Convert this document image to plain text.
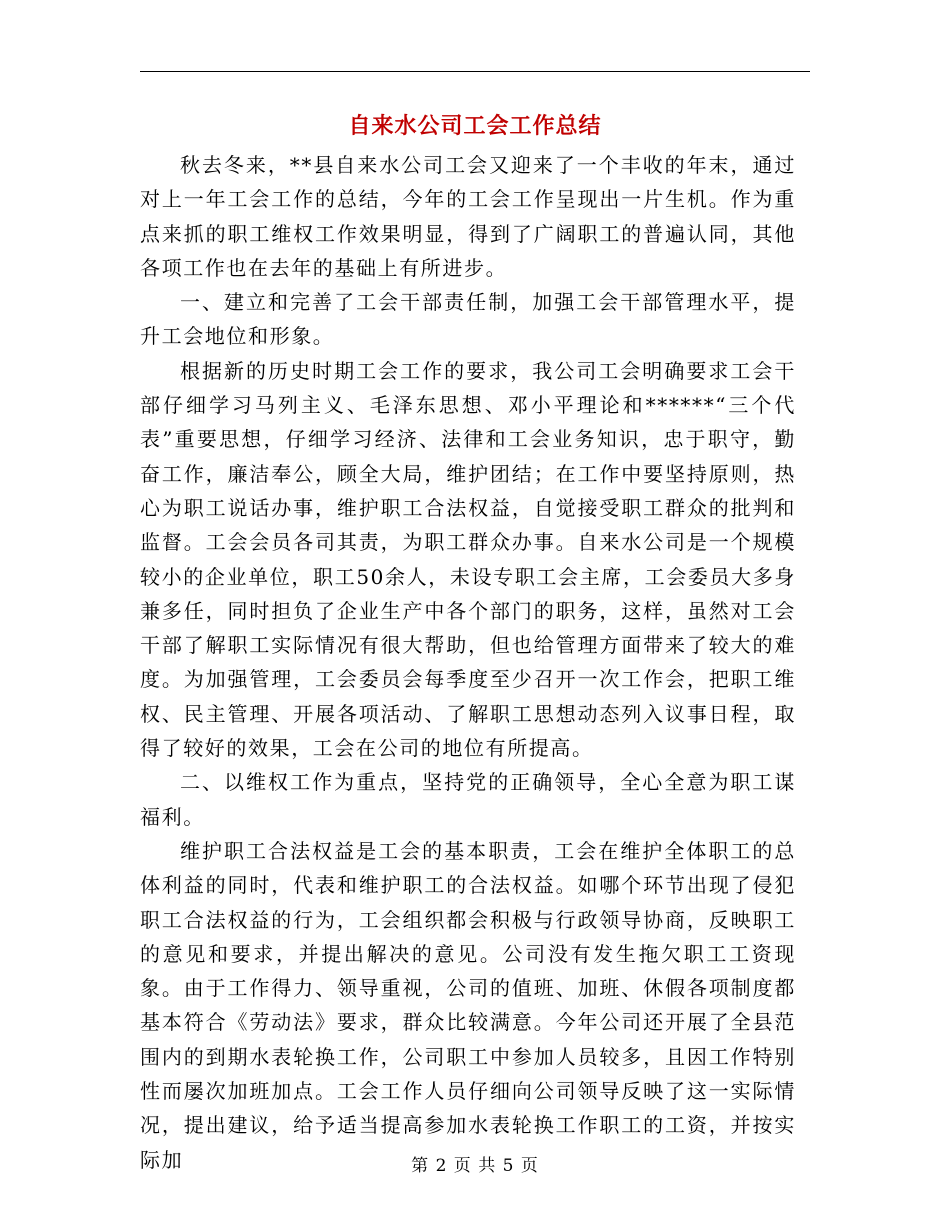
自来水公司工会工作总结

秋去冬来，**县自来水公司工会又迎来了一个丰收的年末，通过对上一年工会工作的总结，今年的工会工作呈现出一片生机。作为重点来抓的职工维权工作效果明显，得到了广阔职工的普遍认同，其他各项工作也在去年的基础上有所进步。

一、建立和完善了工会干部责任制，加强工会干部管理水平，提升工会地位和形象。

根据新的历史时期工会工作的要求，我公司工会明确要求工会干部仔细学习马列主义、毛泽东思想、邓小平理论和******“三个代表”重要思想，仔细学习经济、法律和工会业务知识，忠于职守，勤奋工作，廉洁奉公，顾全大局，维护团结；在工作中要坚持原则，热心为职工说话办事，维护职工合法权益，自觉接受职工群众的批判和监督。工会会员各司其责，为职工群众办事。自来水公司是一个规模较小的企业单位，职工50余人，未设专职工会主席，工会委员大多身兼多任，同时担负了企业生产中各个部门的职务，这样，虽然对工会干部了解职工实际情况有很大帮助，但也给管理方面带来了较大的难度。为加强管理，工会委员会每季度至少召开一次工作会，把职工维权、民主管理、开展各项活动、了解职工思想动态列入议事日程，取得了较好的效果，工会在公司的地位有所提高。

二、以维权工作为重点，坚持党的正确领导，全心全意为职工谋福利。

维护职工合法权益是工会的基本职责，工会在维护全体职工的总体利益的同时，代表和维护职工的合法权益。如哪个环节出现了侵犯职工合法权益的行为，工会组织都会积极与行政领导协商，反映职工的意见和要求，并提出解决的意见。公司没有发生拖欠职工工资现象。由于工作得力、领导重视，公司的值班、加班、休假各项制度都基本符合《劳动法》要求，群众比较满意。今年公司还开展了全县范围内的到期水表轮换工作，公司职工中参加人员较多，且因工作特别性而屡次加班加点。工会工作人员仔细向公司领导反映了这一实际情况，提出建议，给予适当提高参加水表轮换工作职工的工资，并按实际加	第 2 页 共 5 页
